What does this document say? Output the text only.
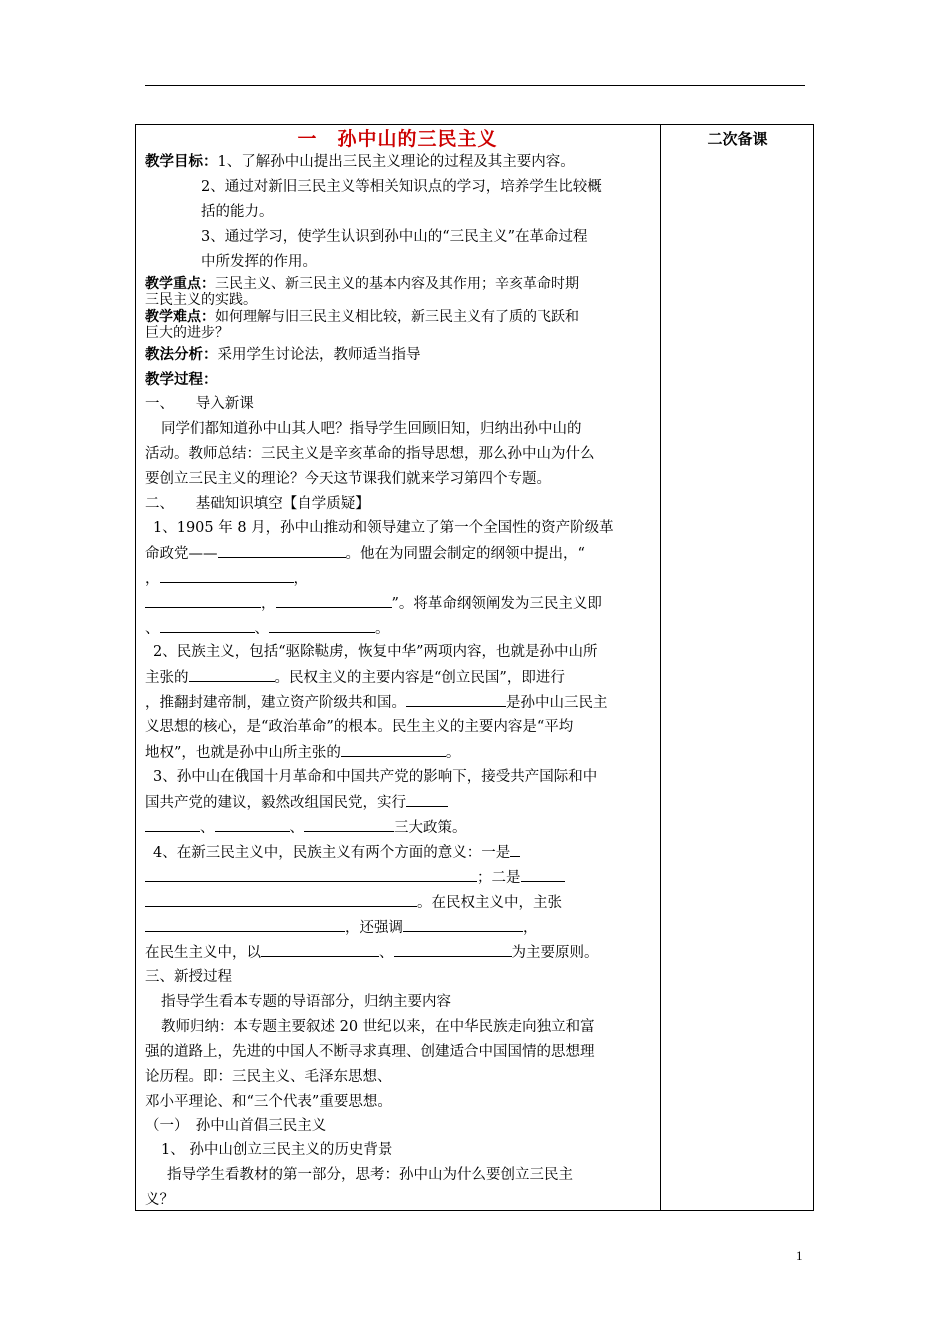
二次备课
一　孙中山的三民主义
教学目标：1、了解孙中山提出三民主义理论的过程及其主要内容。
2、通过对新旧三民主义等相关知识点的学习，培养学生比较概
括的能力。
3、通过学习，使学生认识到孙中山的“三民主义”在革命过程
中所发挥的作用。
教学重点：三民主义、新三民主义的基本内容及其作用；辛亥革命时期
三民主义的实践。
教学难点：如何理解与旧三民主义相比较，新三民主义有了质的飞跃和
巨大的进步？
教法分析：采用学生讨论法，教师适当指导
教学过程：
一、　　导入新课
同学们都知道孙中山其人吧？指导学生回顾旧知，归纳出孙中山的
活动。教师总结：三民主义是辛亥革命的指导思想，那么孙中山为什么
要创立三民主义的理论？今天这节课我们就来学习第四个专题。
二、　　基础知识填空【自学质疑】
1、1905 年 8 月，孙中山推动和领导建立了第一个全国性的资产阶级革
命政党——	。他在为同盟会制定的纲领中提出，“
，	，
，	”。将革命纲领阐发为三民主义即
、	、	。
2、民族主义，包括“驱除鞑虏，恢复中华”两项内容，也就是孙中山所
主张的	。民权主义的主要内容是“创立民国”，即进行
，推翻封建帝制，建立资产阶级共和国。	是孙中山三民主
义思想的核心，是“政治革命”的根本。民生主义的主要内容是“平均
地权”，也就是孙中山所主张的	。
3、孙中山在俄国十月革命和中国共产党的影响下，接受共产国际和中
国共产党的建议，毅然改组国民党，实行
、	、	三大政策。
4、在新三民主义中，民族主义有两个方面的意义：一是
；二是
。在民权主义中，主张
，还强调	，
在民生主义中，以	、	为主要原则。
三、新授过程
指导学生看本专题的导语部分，归纳主要内容
教师归纳：本专题主要叙述 20 世纪以来，在中华民族走向独立和富
强的道路上，先进的中国人不断寻求真理、创建适合中国国情的思想理
论历程。即：三民主义、毛泽东思想、
邓小平理论、和“三个代表”重要思想。
（一）　孙中山首倡三民主义
1、 孙中山创立三民主义的历史背景
指导学生看教材的第一部分，思考：孙中山为什么要创立三民主
义？
1
